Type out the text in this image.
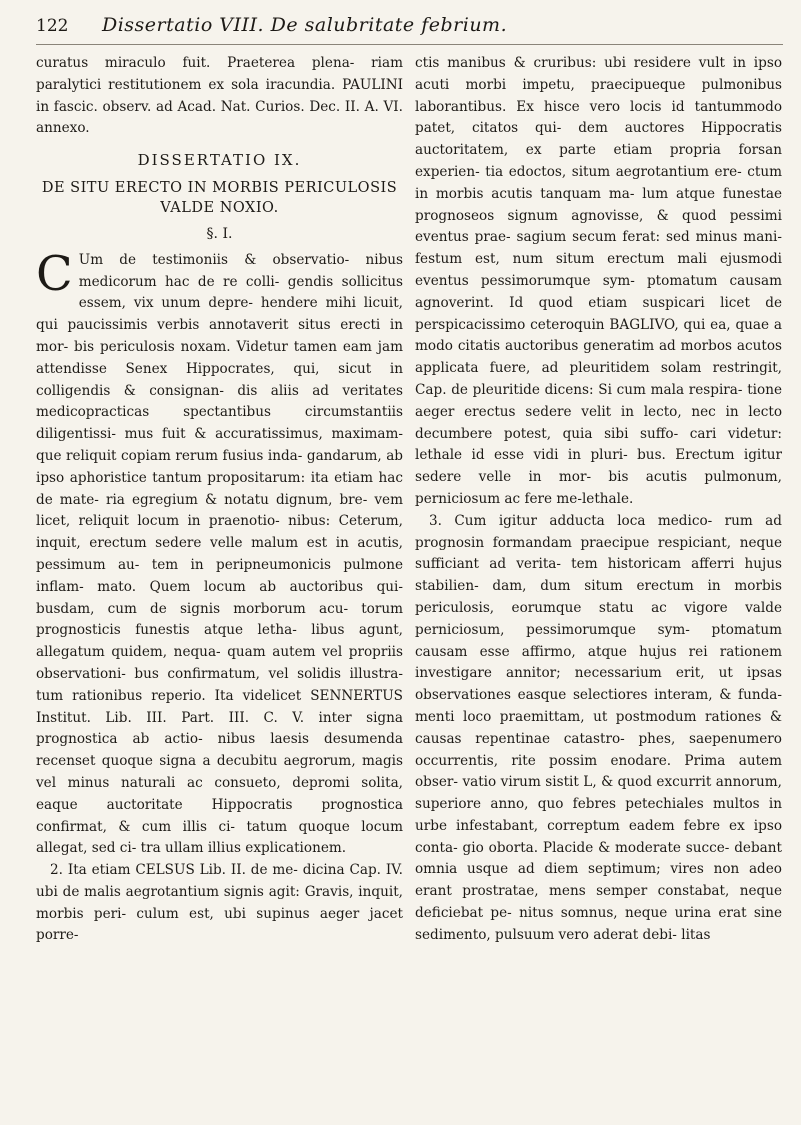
122	Dissertatio VIII. De salubritate febrium.

curatus miraculo fuit. Praeterea plena- riam paralytici restitutionem ex sola iracundia. PAULINI in fascic. observ. ad Acad. Nat. Curios. Dec. II. A. VI. annexo.

DISSERTATIO IX.
DE SITU ERECTO IN MORBIS PERICULOSIS VALDE NOXIO.
§. I.

C Um de testimoniis & observatio- nibus medicorum hac de re colli- gendis sollicitus essem, vix unum depre- hendere mihi licuit, qui paucissimis verbis annotaverit situs erecti in mor- bis periculosis noxam. Videtur tamen eam jam attendisse Senex Hippocrates, qui, sicut in colligendis & consignan- dis aliis ad veritates medicopracticas spectantibus circumstantiis diligentissi- mus fuit & accuratissimus, maximam- que reliquit copiam rerum fusius inda- gandarum, ab ipso aphoristice tantum propositarum: ita etiam hac de mate- ria egregium & notatu dignum, bre- vem licet, reliquit locum in praenotio- nibus: Ceterum, inquit, erectum sedere velle malum est in acutis, pessimum au- tem in peripneumonicis pulmone inflam- mato. Quem locum ab auctoribus qui- busdam, cum de signis morborum acu- torum prognosticis funestis atque letha- libus agunt, allegatum quidem, nequa- quam autem vel propriis observationi- bus confirmatum, vel solidis illustra- tum rationibus reperio. Ita videlicet SENNERTUS Institut. Lib. III. Part. III. C. V. inter signa prognostica ab actio- nibus laesis desumenda recenset quoque signa a decubitu aegrorum, magis vel minus naturali ac consueto, depromi solita, eaque auctoritate Hippocratis prognostica confirmat, & cum illis ci- tatum quoque locum allegat, sed ci- tra ullam illius explicationem.

2. Ita etiam CELSUS Lib. II. de me- dicina Cap. IV. ubi de malis aegrotantium signis agit: Gravis, inquit, morbis peri- culum est, ubi supinus aeger jacet porre-

ctis manibus & cruribus: ubi residere vult in ipso acuti morbi impetu, praecipueque pulmonibus laborantibus. Ex hisce vero locis id tantummodo patet, citatos qui- dem auctores Hippocratis auctoritatem, ex parte etiam propria forsan experien- tia edoctos, situm aegrotantium ere- ctum in morbis acutis tanquam ma- lum atque funestae prognoseos signum agnovisse, & quod pessimi eventus prae- sagium secum ferat: sed minus mani- festum est, num situm erectum mali ejusmodi eventus pessimorumque sym- ptomatum causam agnoverint. Id quod etiam suspicari licet de perspicacissimo ceteroquin BAGLIVO, qui ea, quae a modo citatis auctoribus generatim ad morbos acutos applicata fuere, ad pleuritidem solam restringit, Cap. de pleuritide dicens: Si cum mala respira- tione aeger erectus sedere velit in lecto, nec in lecto decumbere potest, quia sibi suffo- cari videtur: lethale id esse vidi in pluri- bus. Erectum igitur sedere velle in mor- bis acutis pulmonum, perniciosum ac fere me-lethale.

3. Cum igitur adducta loca medico- rum ad prognosin formandam praecipue respiciant, neque sufficiant ad verita- tem historicam afferri hujus stabilien- dam, dum situm erectum in morbis periculosis, eorumque statu ac vigore valde perniciosum, pessimorumque sym- ptomatum causam esse affirmo, atque hujus rei rationem investigare annitor; necessarium erit, ut ipsas observationes easque selectiores interam, & funda- menti loco praemittam, ut postmodum rationes & causas repentinae catastro- phes, saepenumero occurrentis, rite possim enodare. Prima autem obser- vatio virum sistit L, & quod excurrit annorum, superiore anno, quo febres petechiales multos in urbe infestabant, correptum eadem febre ex ipso conta- gio oborta. Placide & moderate succe- debant omnia usque ad diem septimum; vires non adeo erant prostratae, mens semper constabat, neque deficiebat pe- nitus somnus, neque urina erat sine sedimento, pulsuum vero aderat debi- litas
